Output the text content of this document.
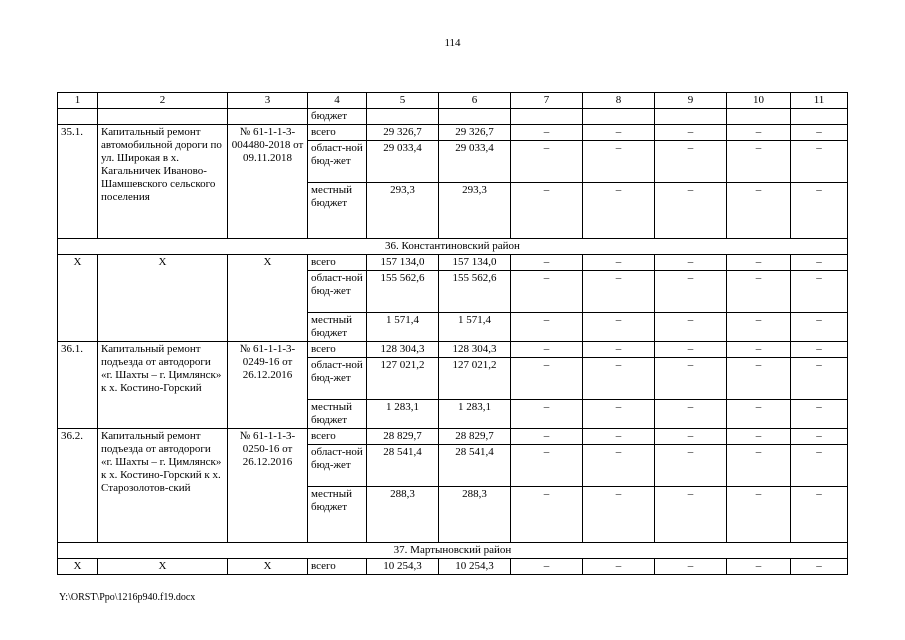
114
1	2	3	4	5	6	7	8	9	10	11
			бюджет							
35.1.	Капитальный ремонт автомобильной дороги по ул. Широкая в х. Кагальничек Иваново-Шамшевского сельского поселения	№ 61-1-1-3-004480-2018 от 09.11.2018	всего	29 326,7	29 326,7	–	–	–	–	–
			област-ной бюд-жет	29 033,4	29 033,4	–	–	–	–	–
			местный бюджет	293,3	293,3	–	–	–	–	–
36. Константиновский район										
Х	Х	Х	всего	157 134,0	157 134,0	–	–	–	–	–
			област-ной бюд-жет	155 562,6	155 562,6	–	–	–	–	–
			местный бюджет	1 571,4	1 571,4	–	–	–	–	–
36.1.	Капитальный ремонт подъезда от автодороги «г. Шахты – г. Цимлянск» к х. Костино-Горский	№ 61-1-1-3-0249-16 от 26.12.2016	всего	128 304,3	128 304,3	–	–	–	–	–
			област-ной бюд-жет	127 021,2	127 021,2	–	–	–	–	–
			местный бюджет	1 283,1	1 283,1	–	–	–	–	–
36.2.	Капитальный ремонт подъезда от автодороги «г. Шахты – г. Цимлянск» к х. Костино-Горский к х. Старозолотов-ский	№ 61-1-1-3-0250-16 от 26.12.2016	всего	28 829,7	28 829,7	–	–	–	–	–
			област-ной бюд-жет	28 541,4	28 541,4	–	–	–	–	–
			местный бюджет	288,3	288,3	–	–	–	–	–
37. Мартыновский район										
Х	Х	Х	всего	10 254,3	10 254,3	–	–	–	–	–
Y:\ORST\Ppo\1216p940.f19.docx
